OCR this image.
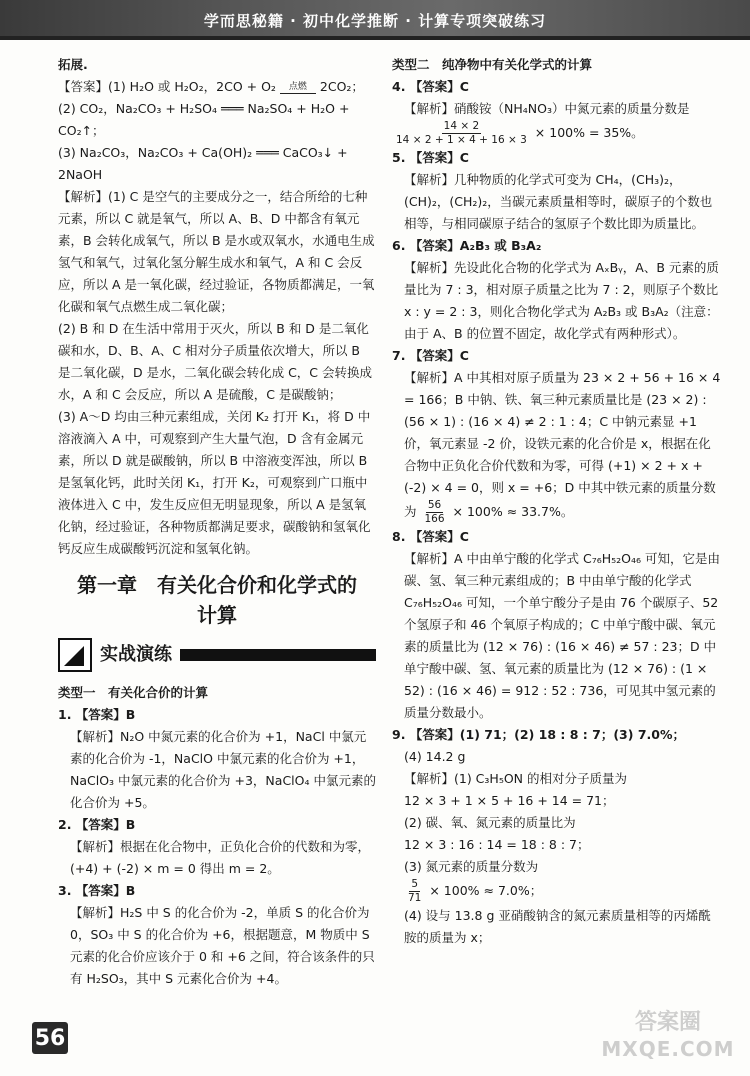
学而思秘籍 · 初中化学推断 · 计算专项突破练习

拓展.

【答案】(1) H₂O 或 H₂O₂，2CO + O₂ 点燃 2CO₂；

(2) CO₂，Na₂CO₃ + H₂SO₄ ═══ Na₂SO₄ + H₂O + CO₂↑；

(3) Na₂CO₃，Na₂CO₃ + Ca(OH)₂ ═══ CaCO₃↓ + 2NaOH

【解析】(1) C 是空气的主要成分之一，结合所给的七种元素，所以 C 就是氧气，所以 A、B、D 中都含有氧元素，B 会转化成氧气，所以 B 是水或双氧水，水通电生成氢气和氧气，过氧化氢分解生成水和氧气，A 和 C 会反应，所以 A 是一氧化碳，经过验证，各物质都满足，一氧化碳和氧气点燃生成二氧化碳；

(2) B 和 D 在生活中常用于灭火，所以 B 和 D 是二氧化碳和水，D、B、A、C 相对分子质量依次增大，所以 B 是二氧化碳，D 是水，二氧化碳会转化成 C，C 会转换成水，A 和 C 会反应，所以 A 是硫酸，C 是碳酸钠；

(3) A～D 均由三种元素组成，关闭 K₂ 打开 K₁，将 D 中溶液滴入 A 中，可观察到产生大量气泡，D 含有金属元素，所以 D 就是碳酸钠，所以 B 中溶液变浑浊，所以 B 是氢氧化钙，此时关闭 K₁，打开 K₂，可观察到广口瓶中液体进入 C 中，发生反应但无明显现象，所以 A 是氢氧化钠，经过验证，各种物质都满足要求，碳酸钠和氢氧化钙反应生成碳酸钙沉淀和氢氧化钠。

第一章　有关化合价和化学式的
计算
实战演练

类型一　有关化合价的计算

1. 【答案】B

【解析】N₂O 中氮元素的化合价为 +1，NaCl 中氯元素的化合价为 -1，NaClO 中氯元素的化合价为 +1，NaClO₃ 中氯元素的化合价为 +3，NaClO₄ 中氯元素的化合价为 +5。

2. 【答案】B

【解析】根据在化合物中，正负化合价的代数和为零，(+4) + (-2) × m = 0 得出 m = 2。

3. 【答案】B

【解析】H₂S 中 S 的化合价为 -2，单质 S 的化合价为 0，SO₃ 中 S 的化合价为 +6，根据题意，M 物质中 S 元素的化合价应该介于 0 和 +6 之间，符合该条件的只有 H₂SO₃，其中 S 元素化合价为 +4。

类型二　纯净物中有关化学式的计算

4. 【答案】C

【解析】硝酸铵（NH₄NO₃）中氮元素的质量分数是

$\frac{14 \times 2}{14 \times 2 + 1 \times 4 + 16 \times 3} \times 100\% = 35\%$。

5. 【答案】C

【解析】几种物质的化学式可变为 CH₄，(CH₃)₂，(CH)₂，(CH₂)₂，当碳元素质量相等时，碳原子的个数也相等，与相同碳原子结合的氢原子个数比即为质量比。

6. 【答案】A₂B₃ 或 B₃A₂

【解析】先设此化合物的化学式为 AₓBᵧ，A、B 元素的质量比为 7 : 3，相对原子质量之比为 7 : 2，则原子个数比 x : y = 2 : 3，则化合物化学式为 A₂B₃ 或 B₃A₂（注意：由于 A、B 的位置不固定，故化学式有两种形式）。

7. 【答案】C

【解析】A 中其相对原子质量为 23 × 2 + 56 + 16 × 4 = 166；B 中钠、铁、氧三种元素质量比是 (23 × 2) : (56 × 1) : (16 × 4) ≠ 2 : 1 : 4；C 中钠元素显 +1 价，氧元素显 -2 价，设铁元素的化合价是 x，根据在化合物中正负化合价代数和为零，可得 (+1) × 2 + x + (-2) × 4 = 0，则 x = +6；D 中其中铁元素的质量分数为 $\frac{56}{166} \times 100\% \approx 33.7\%$。

8. 【答案】C

【解析】A 中由单宁酸的化学式 C₇₆H₅₂O₄₆ 可知，它是由碳、氢、氧三种元素组成的；B 中由单宁酸的化学式 C₇₆H₅₂O₄₆ 可知，一个单宁酸分子是由 76 个碳原子、52 个氢原子和 46 个氧原子构成的；C 中单宁酸中碳、氧元素的质量比为 (12 × 76) : (16 × 46) ≠ 57 : 23；D 中单宁酸中碳、氢、氧元素的质量比为 (12 × 76) : (1 × 52) : (16 × 46) = 912 : 52 : 736，可见其中氢元素的质量分数最小。

9. 【答案】(1) 71；(2) 18 : 8 : 7；(3) 7.0%；

(4) 14.2 g

【解析】(1) C₃H₅ON 的相对分子质量为

12 × 3 + 1 × 5 + 16 + 14 = 71；

(2) 碳、氧、氮元素的质量比为

12 × 3 : 16 : 14 = 18 : 8 : 7；

(3) 氮元素的质量分数为

$\frac{5}{71} \times 100\% \approx 7.0\%$；

(4) 设与 13.8 g 亚硝酸钠含的氮元素质量相等的丙烯酰胺的质量为 x；

56
答案圈
MXQE.COM
